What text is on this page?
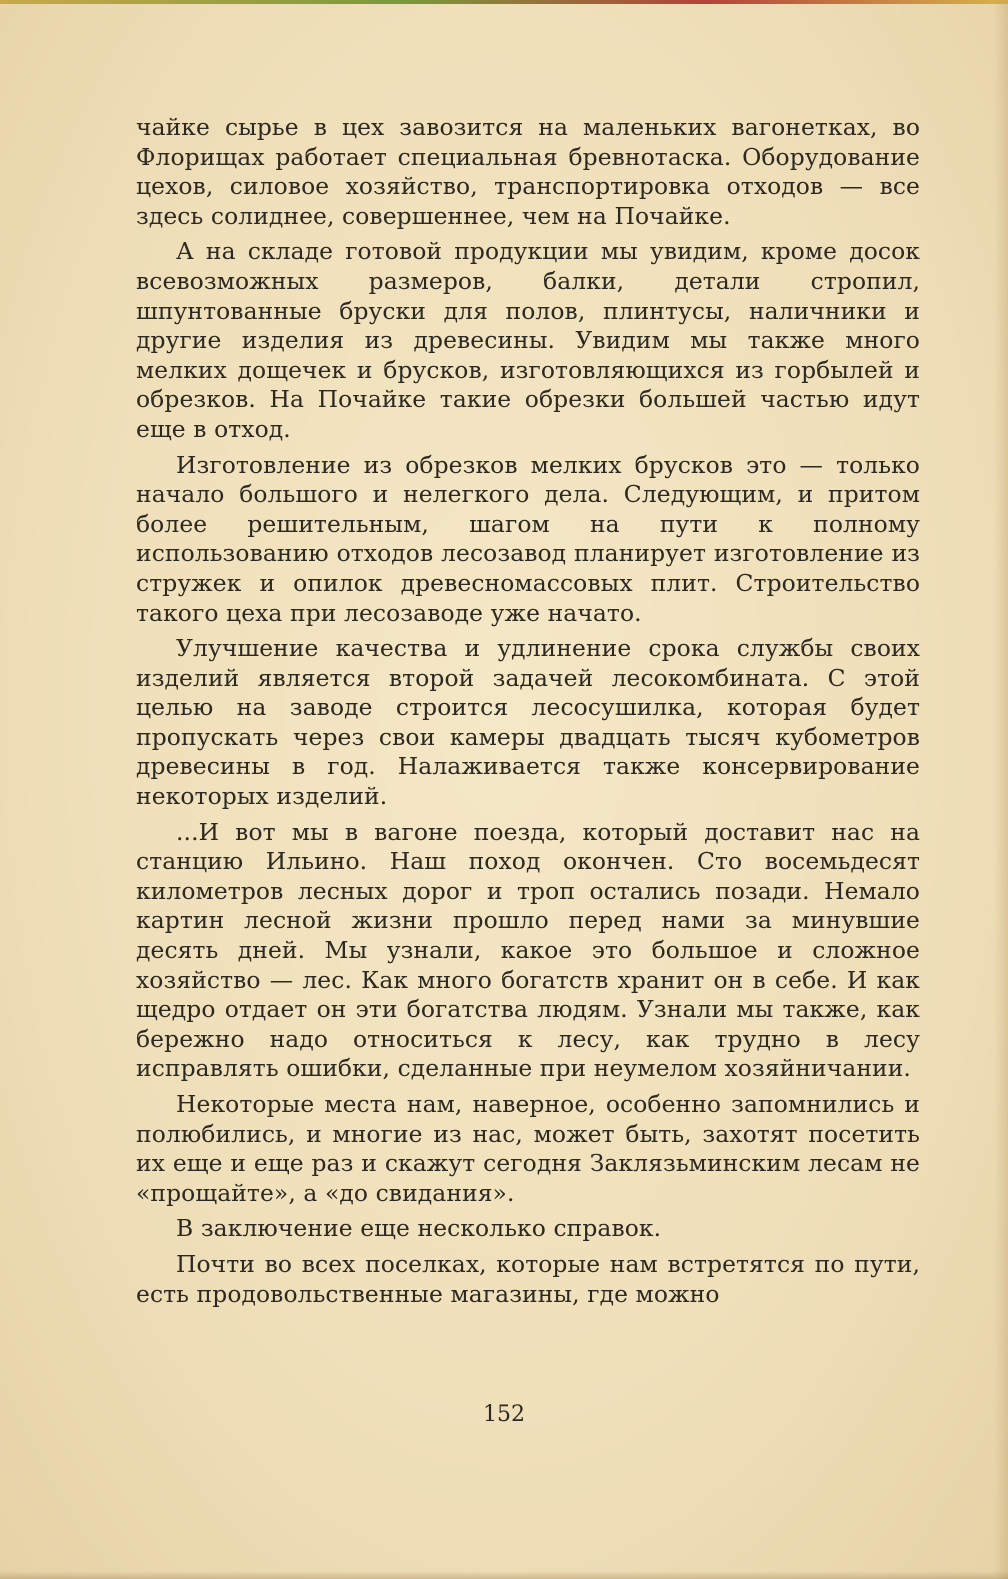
чайке сырье в цех завозится на маленьких вагонетках, во Флорищах работает специальная бревнотаска. Оборудование цехов, силовое хозяйство, транспортировка отходов — все здесь солиднее, совершеннее, чем на Почайке.

А на складе готовой продукции мы увидим, кроме досок всевозможных размеров, балки, детали стропил, шпунтованные бруски для полов, плинтусы, наличники и другие изделия из древесины. Увидим мы также много мелких дощечек и брусков, изготовляющихся из горбылей и обрезков. На Почайке такие обрезки большей частью идут еще в отход.

Изготовление из обрезков мелких брусков это — только начало большого и нелегкого дела. Следующим, и притом более решительным, шагом на пути к полному использованию отходов лесозавод планирует изготовление из стружек и опилок древесномассовых плит. Строительство такого цеха при лесозаводе уже начато.

Улучшение качества и удлинение срока службы своих изделий является второй задачей лесокомбината. С этой целью на заводе строится лесосушилка, которая будет пропускать через свои камеры двадцать тысяч кубометров древесины в год. Налаживается также консервирование некоторых изделий.

...И вот мы в вагоне поезда, который доставит нас на станцию Ильино. Наш поход окончен. Сто восемьдесят километров лесных дорог и троп остались позади. Немало картин лесной жизни прошло перед нами за минувшие десять дней. Мы узнали, какое это большое и сложное хозяйство — лес. Как много богатств хранит он в себе. И как щедро отдает он эти богатства людям. Узнали мы также, как бережно надо относиться к лесу, как трудно в лесу исправлять ошибки, сделанные при неумелом хозяйничании.

Некоторые места нам, наверное, особенно запомнились и полюбились, и многие из нас, может быть, захотят посетить их еще и еще раз и скажут сегодня Заклязьминским лесам не «прощайте», а «до свидания».

В заключение еще несколько справок.

Почти во всех поселках, которые нам встретятся по пути, есть продовольственные магазины, где можно

152
